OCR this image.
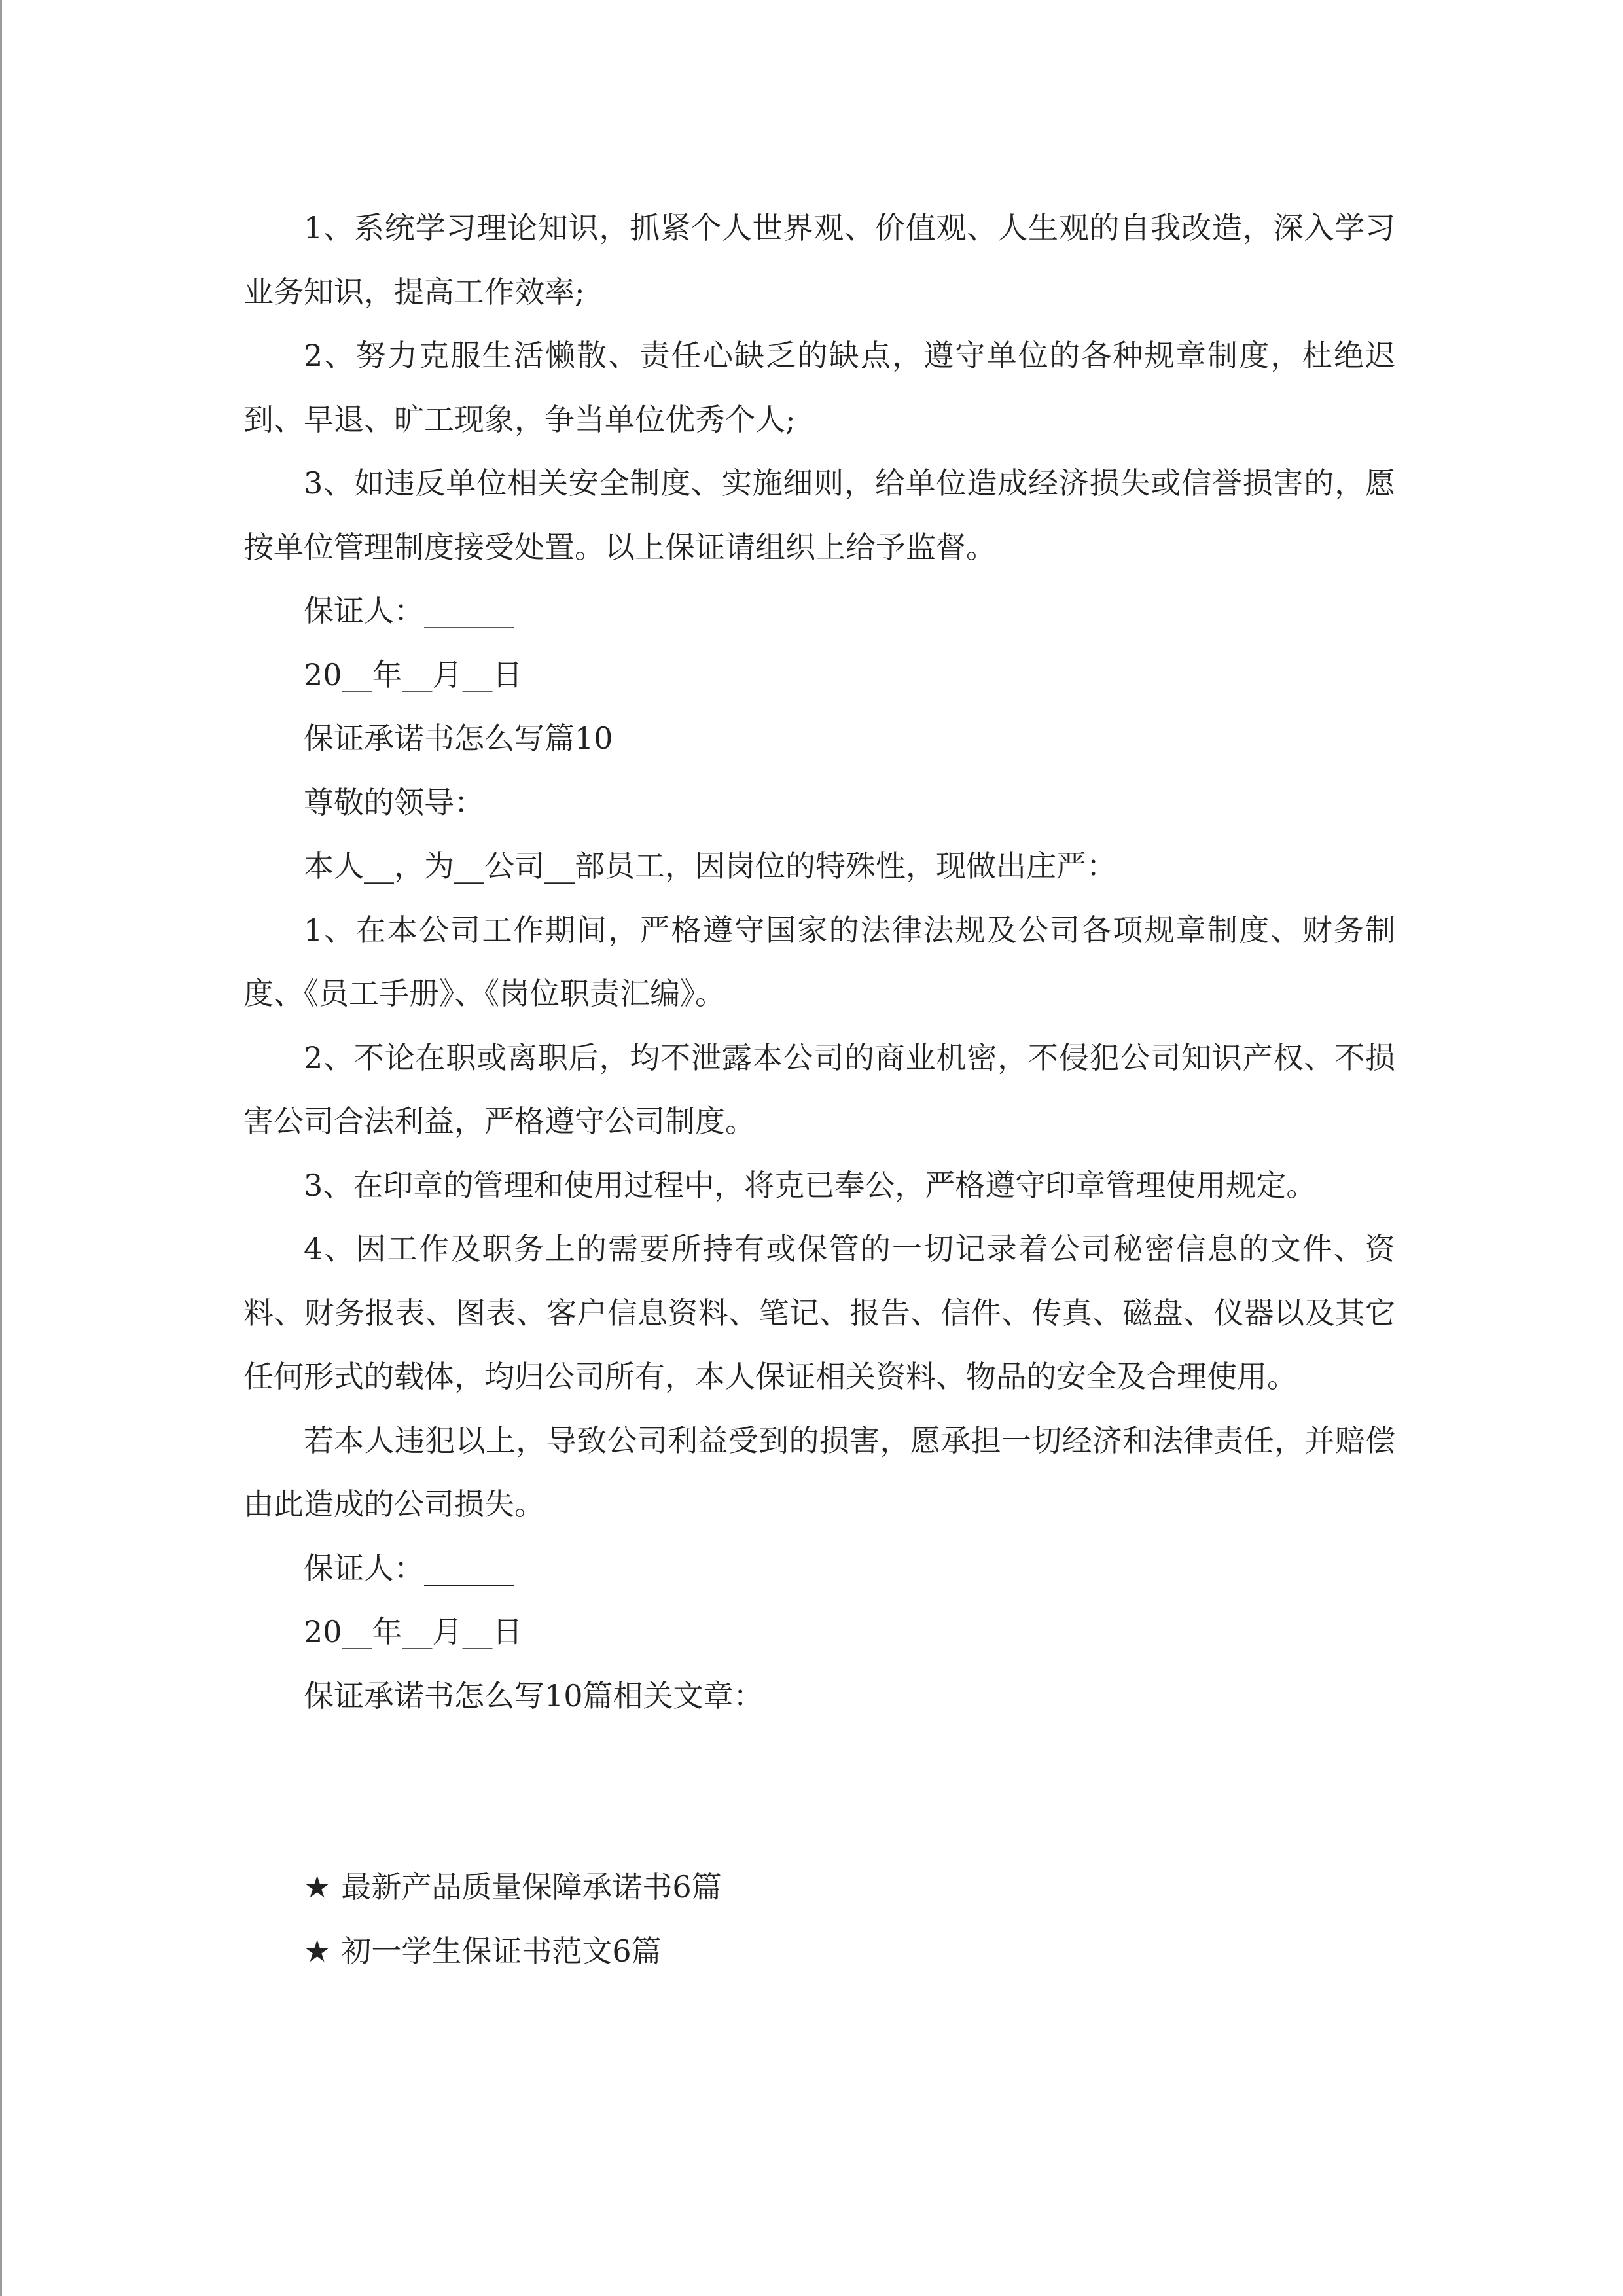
1、系统学习理论知识，抓紧个人世界观、价值观、人生观的自我改造，深入学习业务知识，提高工作效率;

2、努力克服生活懒散、责任心缺乏的缺点，遵守单位的各种规章制度，杜绝迟到、早退、旷工现象，争当单位优秀个人;

3、如违反单位相关安全制度、实施细则，给单位造成经济损失或信誉损害的，愿按单位管理制度接受处置。以上保证请组织上给予监督。

保证人：______

20__年__月__日

保证承诺书怎么写篇10

尊敬的领导：

本人__，为__公司__部员工，因岗位的特殊性，现做出庄严：

1、在本公司工作期间，严格遵守国家的法律法规及公司各项规章制度、财务制度、《员工手册》、《岗位职责汇编》。

2、不论在职或离职后，均不泄露本公司的商业机密，不侵犯公司知识产权、不损害公司合法利益，严格遵守公司制度。

3、在印章的管理和使用过程中，将克已奉公，严格遵守印章管理使用规定。

4、因工作及职务上的需要所持有或保管的一切记录着公司秘密信息的文件、资料、财务报表、图表、客户信息资料、笔记、报告、信件、传真、磁盘、仪器以及其它任何形式的载体，均归公司所有，本人保证相关资料、物品的安全及合理使用。

若本人违犯以上，导致公司利益受到的损害，愿承担一切经济和法律责任，并赔偿由此造成的公司损失。

保证人：______

20__年__月__日

保证承诺书怎么写10篇相关文章：

★ 最新产品质量保障承诺书6篇

★ 初一学生保证书范文6篇
